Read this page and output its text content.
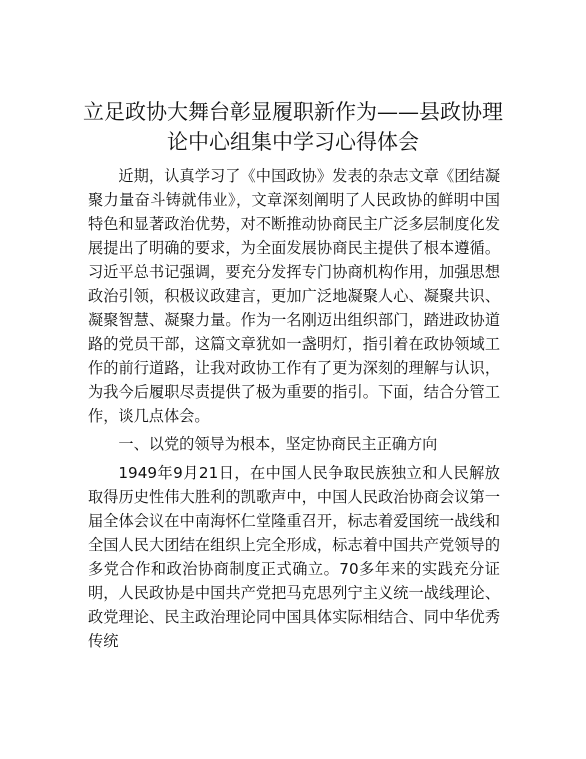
立足政协大舞台彰显履职新作为——县政协理
论中心组集中学习心得体会

近期，认真学习了《中国政协》发表的杂志文章《团结凝聚力量奋斗铸就伟业》，文章深刻阐明了人民政协的鲜明中国特色和显著政治优势，对不断推动协商民主广泛多层制度化发展提出了明确的要求，为全面发展协商民主提供了根本遵循。习近平总书记强调，要充分发挥专门协商机构作用，加强思想政治引领，积极议政建言，更加广泛地凝聚人心、凝聚共识、凝聚智慧、凝聚力量。作为一名刚迈出组织部门，踏进政协道路的党员干部，这篇文章犹如一盏明灯，指引着在政协领域工作的前行道路，让我对政协工作有了更为深刻的理解与认识，为我今后履职尽责提供了极为重要的指引。下面，结合分管工作，谈几点体会。

一、以党的领导为根本，坚定协商民主正确方向

1949年9月21日，在中国人民争取民族独立和人民解放取得历史性伟大胜利的凯歌声中，中国人民政治协商会议第一届全体会议在中南海怀仁堂隆重召开，标志着爱国统一战线和全国人民大团结在组织上完全形成，标志着中国共产党领导的多党合作和政治协商制度正式确立。70多年来的实践充分证明，人民政协是中国共产党把马克思列宁主义统一战线理论、政党理论、民主政治理论同中国具体实际相结合、同中华优秀传统
